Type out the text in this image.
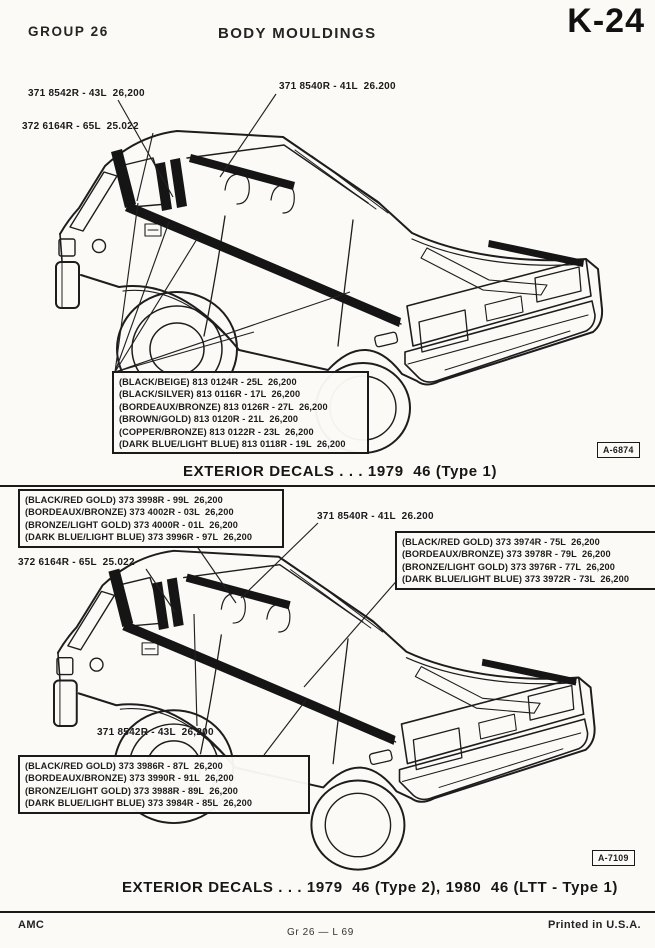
GROUP 26	BODY MOULDINGS	K-24
371 8542R - 43L  26,200
371 8540R - 41L  26.200
372 6164R - 65L  25.022
(BLACK/BEIGE) 813 0124R - 25L  26,200
(BLACK/SILVER) 813 0116R - 17L  26,200
(BORDEAUX/BRONZE) 813 0126R - 27L  26,200
(BROWN/GOLD) 813 0120R - 21L  26,200
(COPPER/BRONZE) 813 0122R - 23L  26,200
(DARK BLUE/LIGHT BLUE) 813 0118R - 19L  26,200
A-6874
EXTERIOR DECALS . . . 1979  46 (Type 1)
(BLACK/RED GOLD) 373 3998R - 99L  26,200
(BORDEAUX/BRONZE) 373 4002R - 03L  26,200
(BRONZE/LIGHT GOLD) 373 4000R - 01L  26,200
(DARK BLUE/LIGHT BLUE) 373 3996R - 97L  26,200
372 6164R - 65L  25.022
371 8540R - 41L  26.200
(BLACK/RED GOLD) 373 3974R - 75L  26,200
(BORDEAUX/BRONZE) 373 3978R - 79L  26,200
(BRONZE/LIGHT GOLD) 373 3976R - 77L  26,200
(DARK BLUE/LIGHT BLUE) 373 3972R - 73L  26,200
371 8542R - 43L  26,200
(BLACK/RED GOLD) 373 3986R - 87L  26,200
(BORDEAUX/BRONZE) 373 3990R - 91L  26,200
(BRONZE/LIGHT GOLD) 373 3988R - 89L  26,200
(DARK BLUE/LIGHT BLUE) 373 3984R - 85L  26,200
A-7109
EXTERIOR DECALS . . . 1979  46 (Type 2), 1980  46 (LTT - Type 1)
AMC
Gr 26 — L 69
Printed in U.S.A.
